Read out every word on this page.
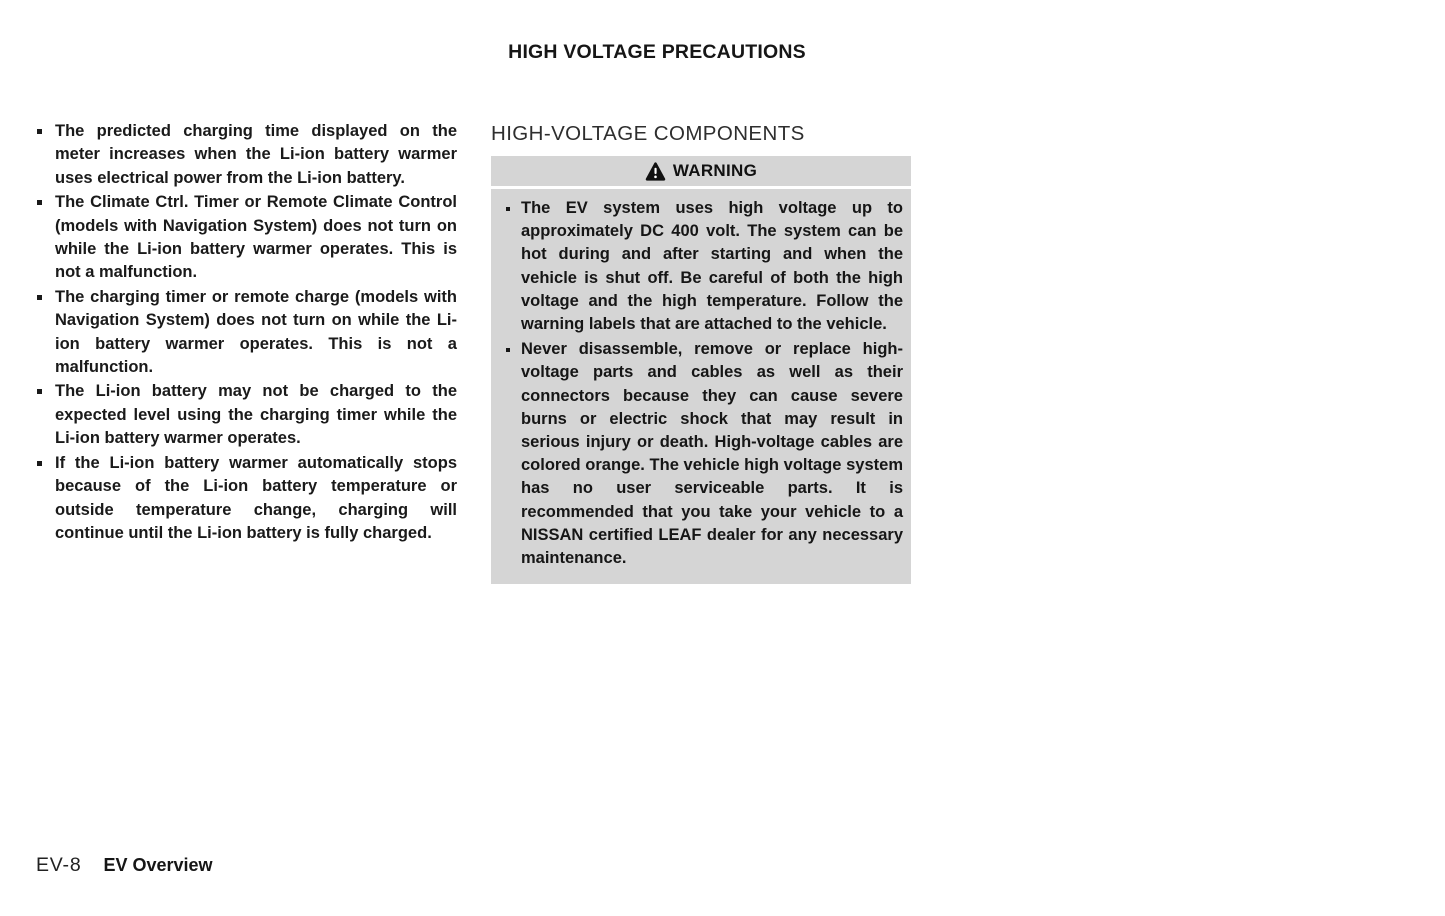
HIGH VOLTAGE PRECAUTIONS
The predicted charging time displayed on the meter increases when the Li-ion battery warmer uses electrical power from the Li-ion battery.
The Climate Ctrl. Timer or Remote Climate Control (models with Navigation System) does not turn on while the Li-ion battery warmer operates. This is not a malfunction.
The charging timer or remote charge (models with Navigation System) does not turn on while the Li-ion battery warmer operates. This is not a malfunction.
The Li-ion battery may not be charged to the expected level using the charging timer while the Li-ion battery warmer operates.
If the Li-ion battery warmer automatically stops because of the Li-ion battery temperature or outside temperature change, charging will continue until the Li-ion battery is fully charged.
HIGH-VOLTAGE COMPONENTS
WARNING
The EV system uses high voltage up to approximately DC 400 volt. The system can be hot during and after starting and when the vehicle is shut off. Be careful of both the high voltage and the high temperature. Follow the warning labels that are attached to the vehicle.
Never disassemble, remove or replace high-voltage parts and cables as well as their connectors because they can cause severe burns or electric shock that may result in serious injury or death. High-voltage cables are colored orange. The vehicle high voltage system has no user serviceable parts. It is recommended that you take your vehicle to a NISSAN certified LEAF dealer for any necessary maintenance.
EV-8 EV Overview
